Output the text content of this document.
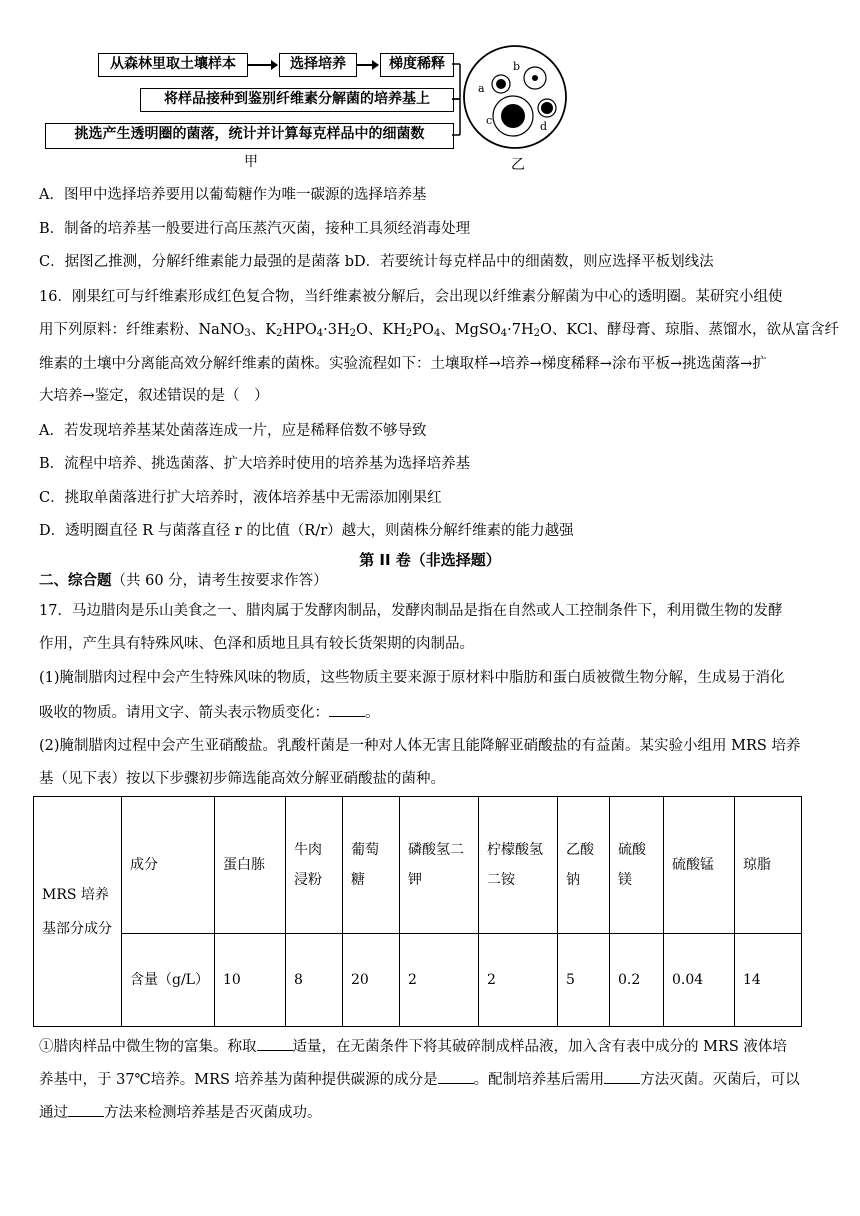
从森林里取土壤样本	选择培养	梯度稀释
将样品接种到鉴别纤维素分解菌的培养基上
挑选产生透明圈的菌落，统计并计算每克样品中的细菌数
甲
a
b
c	d
乙
A．图甲中选择培养要用以葡萄糖作为唯一碳源的选择培养基
B．制备的培养基一般要进行高压蒸汽灭菌，接种工具须经消毒处理
C．据图乙推测，分解纤维素能力最强的是菌落 bD．若要统计每克样品中的细菌数，则应选择平板划线法
16．刚果红可与纤维素形成红色复合物，当纤维素被分解后，会出现以纤维素分解菌为中心的透明圈。某研究小组使
用下列原料：纤维素粉、NaNO$_3$、$K_2HPO_4\cdot 3H_2O$、$KH_2PO_4$、$MgSO_4\cdot 7H_2O$、KCl、酵母膏、琼脂、蒸馏水，欲从富含纤
维素的土壤中分离能高效分解纤维素的菌株。实验流程如下：土壤取样→培养→梯度稀释→涂布平板→挑选菌落→扩
大培养→鉴定，叙述错误的是（　）
A．若发现培养基某处菌落连成一片，应是稀释倍数不够导致
B．流程中培养、挑选菌落、扩大培养时使用的培养基为选择培养基
C．挑取单菌落进行扩大培养时，液体培养基中无需添加刚果红
D．透明圈直径 R 与菌落直径 r 的比值（R/r）越大，则菌株分解纤维素的能力越强
第 II 卷（非选择题）
二、综合题（共 60 分，请考生按要求作答）
17．马边腊肉是乐山美食之一、腊肉属于发酵肉制品，发酵肉制品是指在自然或人工控制条件下，利用微生物的发酵
作用，产生具有特殊风味、色泽和质地且具有较长货架期的肉制品。
(1)腌制腊肉过程中会产生特殊风味的物质，这些物质主要来源于原材料中脂肪和蛋白质被微生物分解，生成易于消化
吸收的物质。请用文字、箭头表示物质变化： 。
(2)腌制腊肉过程中会产生亚硝酸盐。乳酸杆菌是一种对人体无害且能降解亚硝酸盐的有益菌。某实验小组用 MRS 培养
基（见下表）按以下步骤初步筛选能高效分解亚硝酸盐的菌种。
MRS 培养基部分成分	成分	蛋白胨	牛肉浸粉	葡萄糖	磷酸氢二钾	柠檬酸氢二铵	乙酸钠	硫酸镁	硫酸锰	琼脂
	含量（g/L）	10	8	20	2	2	5	0.2	0.04	14
①腊肉样品中微生物的富集。称取 适量，在无菌条件下将其破碎制成样品液，加入含有表中成分的 MRS 液体培
养基中，于 37℃培养。MRS 培养基为菌种提供碳源的成分是 。配制培养基后需用 方法灭菌。灭菌后，可以
通过 方法来检测培养基是否灭菌成功。
